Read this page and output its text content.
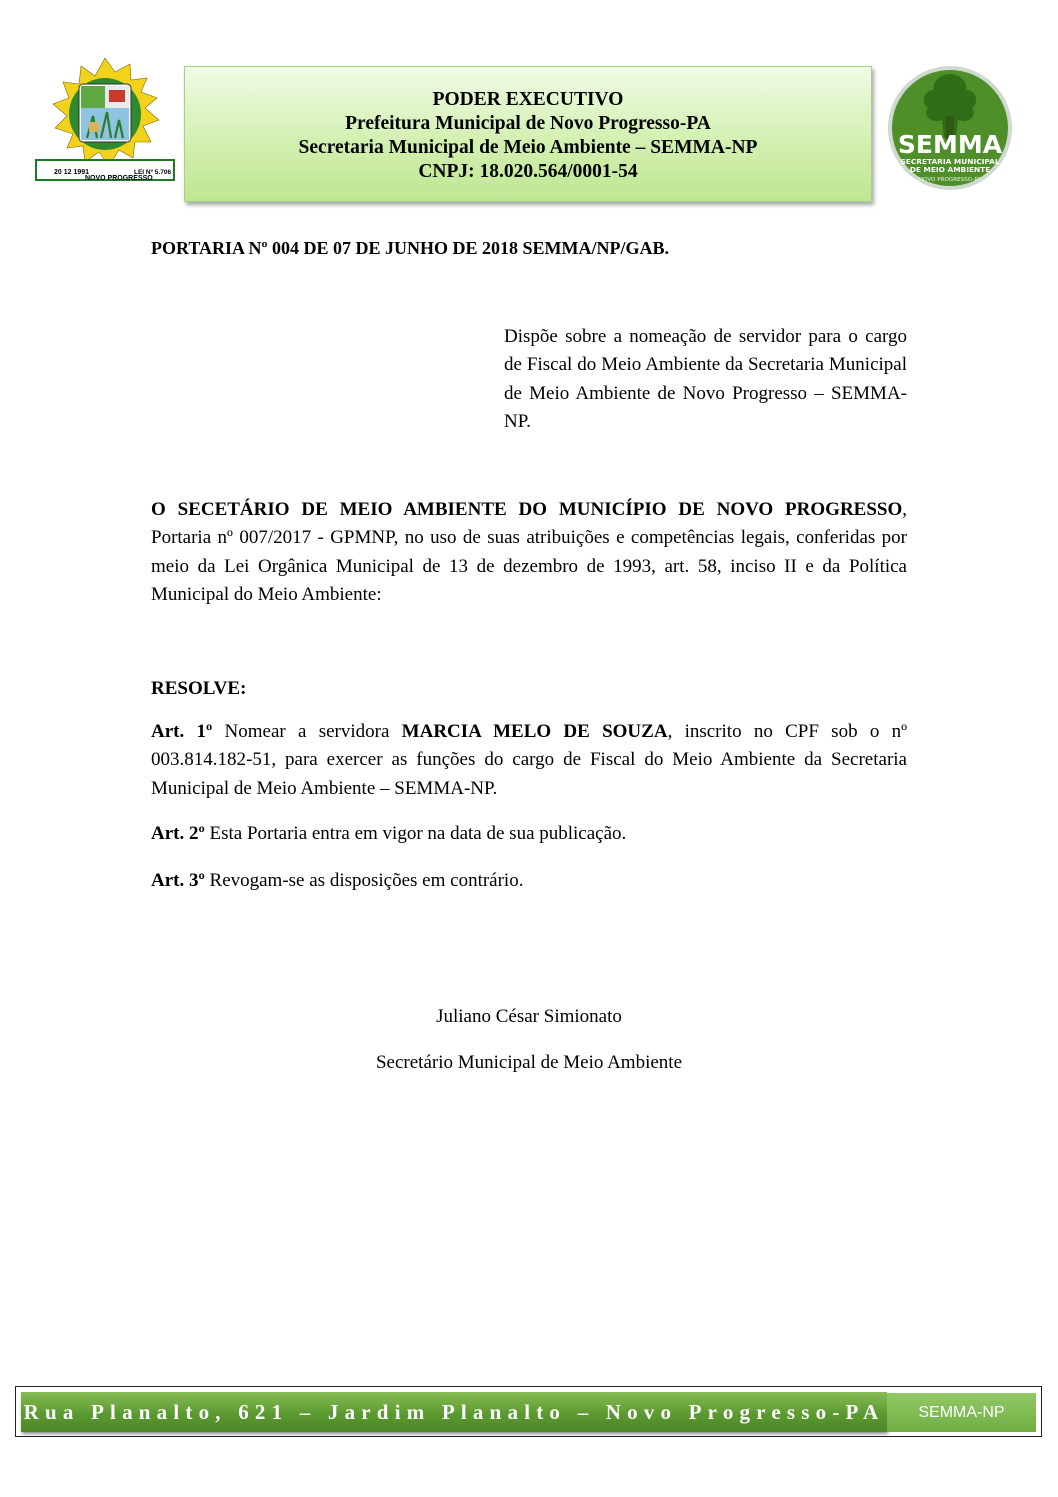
20 12 1991
NOVO PROGRESSO
LEI Nº 5.706
PODER EXECUTIVO
Prefeitura Municipal de Novo Progresso-PA
Secretaria Municipal de Meio Ambiente – SEMMA-NP
CNPJ: 18.020.564/0001-54
SEMMA
SECRETARIA MUNICIPAL
DE MEIO AMBIENTE
NOVO PROGRESSO-PA
PORTARIA Nº 004 DE 07 DE JUNHO DE 2018 SEMMA/NP/GAB.
Dispõe sobre a nomeação de servidor para o cargo de Fiscal do Meio Ambiente da Secretaria Municipal de Meio Ambiente de Novo Progresso – SEMMA-NP.
O SECETÁRIO DE MEIO AMBIENTE DO MUNICÍPIO DE NOVO PROGRESSO, Portaria nº 007/2017 - GPMNP, no uso de suas atribuições e competências legais, conferidas por meio da Lei Orgânica Municipal de 13 de dezembro de 1993, art. 58, inciso II e da Política Municipal do Meio Ambiente:
RESOLVE:
Art. 1º Nomear a servidora MARCIA MELO DE SOUZA, inscrito no CPF sob o nº 003.814.182-51, para exercer as funções do cargo de Fiscal do Meio Ambiente da Secretaria Municipal de Meio Ambiente – SEMMA-NP.
Art. 2º Esta Portaria entra em vigor na data de sua publicação.
Art. 3º Revogam-se as disposições em contrário.
Juliano César Simionato
Secretário Municipal de Meio Ambiente
Rua Planalto, 621 – Jardim Planalto – Novo Progresso-PA SEMMA-NP
